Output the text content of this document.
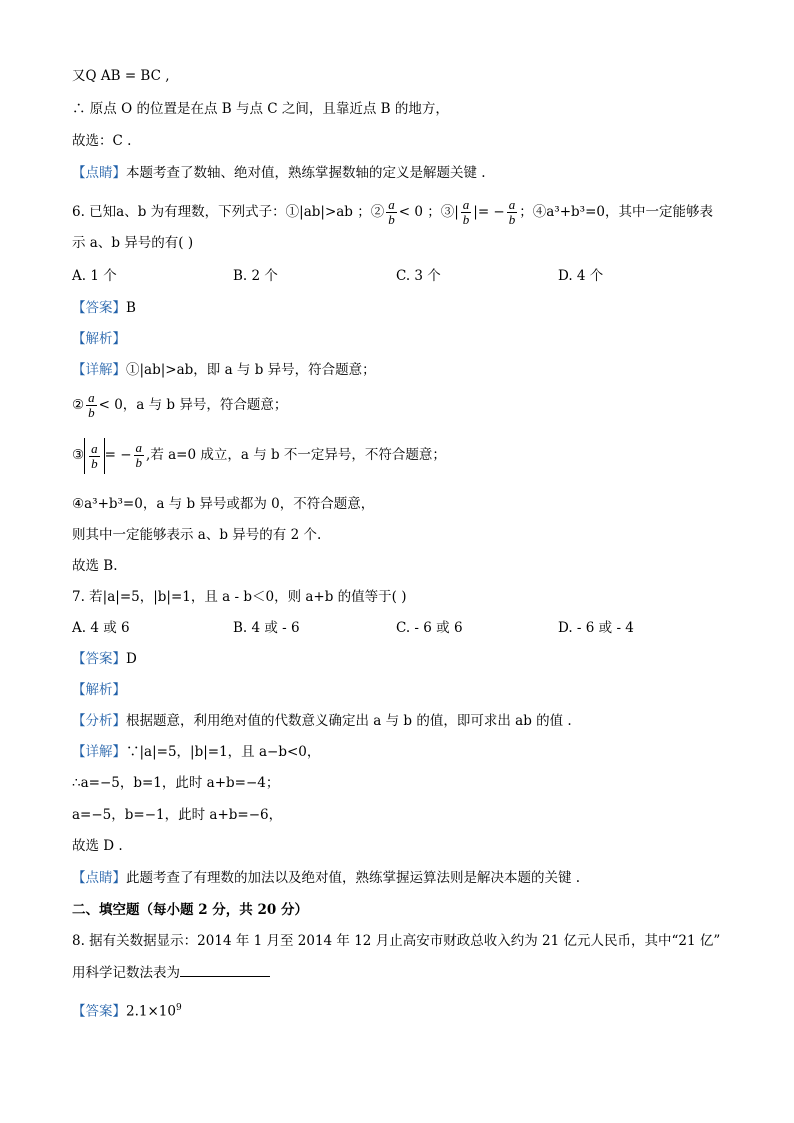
又Q AB = BC ,
∴ 原点 O 的位置是在点 B 与点 C 之间，且靠近点 B 的地方，
故选：C .
【点睛】本题考查了数轴、绝对值，熟练掌握数轴的定义是解题关键 .
6. 已知a、b 为有理数，下列式子：①|ab|>ab ；② $\frac{a}{b} < 0$ ；③| $\frac{a}{b}$ |= − $\frac{a}{b}$ ；④a³+b³=0，其中一定能够表
示 a、b 异号的有( )
A. 1 个	B. 2 个	C. 3 个	D. 4 个
【答案】B
【解析】
【详解】①|ab|>ab，即 a 与 b 异号，符合题意；
② $\frac{a}{b} < 0$，a 与 b 异号，符合题意；
③ $\frac{a}{b}$ = − $\frac{a}{b}$ ,若 a=0 成立，a 与 b 不一定异号，不符合题意；
④a³+b³=0，a 与 b 异号或都为 0，不符合题意，
则其中一定能够表示 a、b 异号的有 2 个.
故选 B.
7. 若|a|=5，|b|=1，且 a - b＜0，则 a+b 的值等于( )
A. 4 或 6	B. 4 或 - 6	C. - 6 或 6	D. - 6 或 - 4
【答案】D
【解析】
【分析】根据题意，利用绝对值的代数意义确定出 a 与 b 的值，即可求出 ab 的值 .
【详解】∵|a|=5，|b|=1，且 a−b<0，
∴a=−5，b=1，此时 a+b=−4；
a=−5，b=−1，此时 a+b=−6，
故选 D .
【点睛】此题考查了有理数的加法以及绝对值，熟练掌握运算法则是解决本题的关键 .
二、填空题（每小题 2 分，共 20 分）
8. 据有关数据显示：2014 年 1 月至 2014 年 12 月止高安市财政总收入约为 21 亿元人民币，其中“21 亿”
用科学记数法表为
【答案】$2.1\times 10^9$
